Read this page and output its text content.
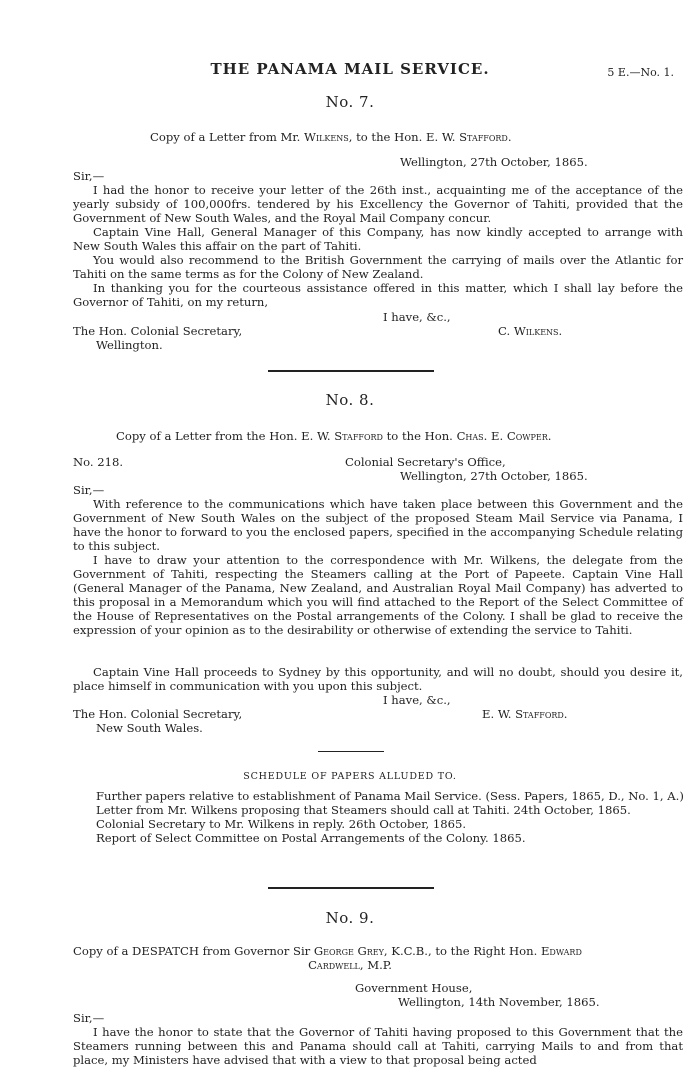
THE PANAMA MAIL SERVICE.	5 E.—No. 1.
No. 7.
Copy of a Letter from Mr. Wilkens, to the Hon. E. W. Stafford.
Wellington, 27th October, 1865.
Sir,—
I had the honor to receive your letter of the 26th inst., acquainting me of the acceptance of the yearly subsidy of 100,000frs. tendered by his Excellency the Governor of Tahiti, provided that the Government of New South Wales, and the Royal Mail Company concur.
Captain Vine Hall, General Manager of this Company, has now kindly accepted to arrange with New South Wales this affair on the part of Tahiti.
You would also recommend to the British Government the carrying of mails over the Atlantic for Tahiti on the same terms as for the Colony of New Zealand.
In thanking you for the courteous assistance offered in this matter, which I shall lay before the Governor of Tahiti, on my return,
I have, &c.,
The Hon. Colonial Secretary,	C. Wilkens.
Wellington.
No. 8.
Copy of a Letter from the Hon. E. W. Stafford to the Hon. Chas. E. Cowper.
No. 218.	Colonial Secretary's Office,
Wellington, 27th October, 1865.
Sir,—
With reference to the communications which have taken place between this Government and the Government of New South Wales on the subject of the proposed Steam Mail Service via Panama, I have the honor to forward to you the enclosed papers, specified in the accompanying Schedule relating to this subject.
I have to draw your attention to the correspondence with Mr. Wilkens, the delegate from the Government of Tahiti, respecting the Steamers calling at the Port of Papeete. Captain Vine Hall (General Manager of the Panama, New Zealand, and Australian Royal Mail Company) has adverted to this proposal in a Memorandum which you will find attached to the Report of the Select Committee of the House of Representatives on the Postal arrangements of the Colony. I shall be glad to receive the expression of your opinion as to the desirability or otherwise of extending the service to Tahiti.
Captain Vine Hall proceeds to Sydney by this opportunity, and will no doubt, should you desire it, place himself in communication with you upon this subject.
I have, &c.,
The Hon. Colonial Secretary,	E. W. Stafford.
New South Wales.
SCHEDULE OF PAPERS ALLUDED TO.
Further papers relative to establishment of Panama Mail Service. (Sess. Papers, 1865, D., No. 1, A.)
Letter from Mr. Wilkens proposing that Steamers should call at Tahiti. 24th October, 1865.
Colonial Secretary to Mr. Wilkens in reply. 26th October, 1865.
Report of Select Committee on Postal Arrangements of the Colony. 1865.
No. 9.
Copy of a DESPATCH from Governor Sir George Grey, K.C.B., to the Right Hon. Edward
Cardwell, M.P.
Government House,
Wellington, 14th November, 1865.
Sir,—
I have the honor to state that the Governor of Tahiti having proposed to this Government that the Steamers running between this and Panama should call at Tahiti, carrying Mails to and from that place, my Ministers have advised that with a view to that proposal being acted
